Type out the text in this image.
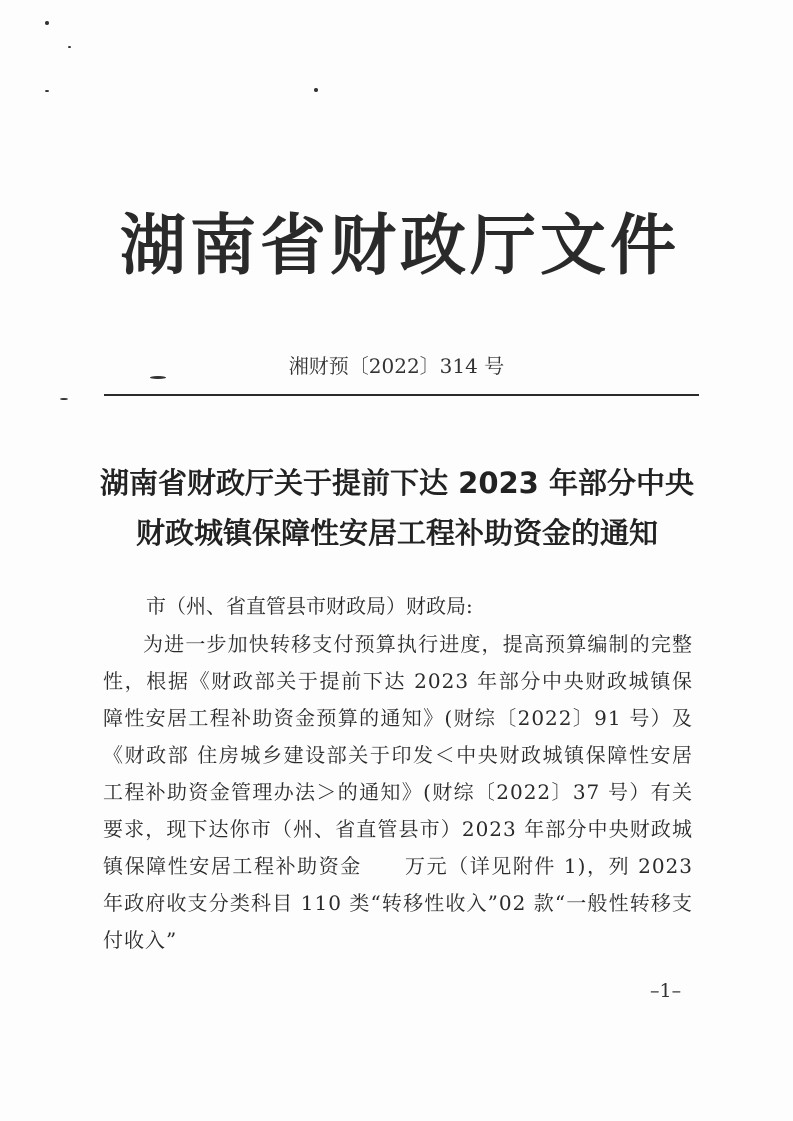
湖南省财政厅文件
湘财预〔2022〕314 号
湖南省财政厅关于提前下达 2023 年部分中央
财政城镇保障性安居工程补助资金的通知
市（州、省直管县市财政局）财政局:
为进一步加快转移支付预算执行进度，提高预算编制的完整性，根据《财政部关于提前下达 2023 年部分中央财政城镇保障性安居工程补助资金预算的通知》(财综〔2022〕91 号）及《财政部 住房城乡建设部关于印发＜中央财政城镇保障性安居工程补助资金管理办法＞的通知》(财综〔2022〕37 号）有关要求，现下达你市（州、省直管县市）2023 年部分中央财政城镇保障性安居工程补助资金　　万元（详见附件 1)，列 2023 年政府收支分类科目 110 类“转移性收入”02 款“一般性转移支付收入”
–1–
